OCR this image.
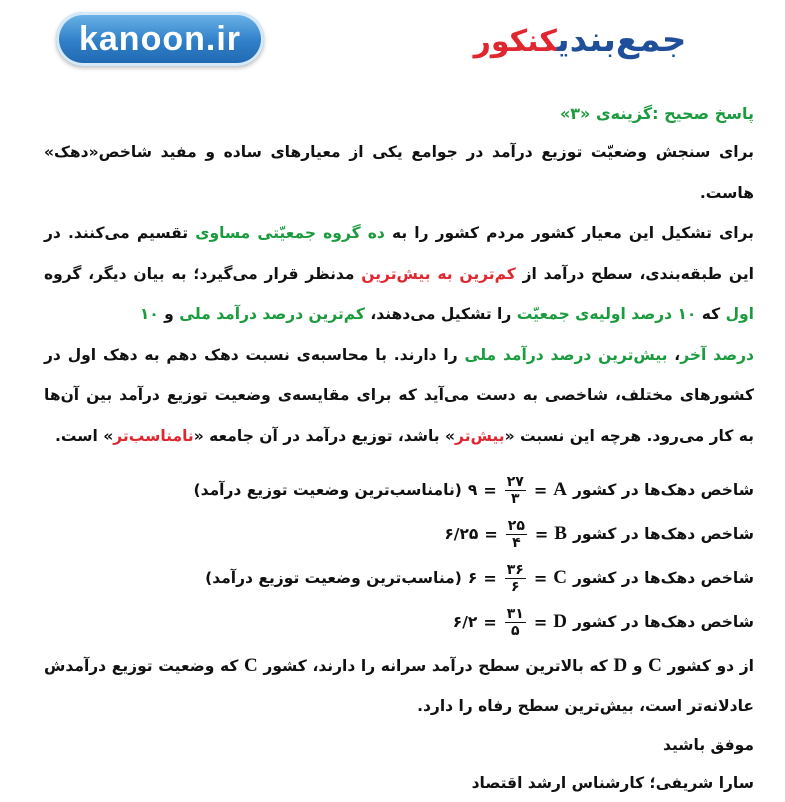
kanoon.ir	جمع‌بندیکنکور
پاسخ صحیح :گزینه‌ی «۳»

برای سنجش وضعیّت توزیع درآمد در جوامع یکی از معیارهای ساده و مفید شاخص«دهک» هاست.
برای تشکیل این معیار کشور مردم کشور را به ده گروه جمعیّتی مساوی تقسیم می‌کنند. در این طبقه‌بندی، سطح درآمد از کم‌ترین به بیش‌ترین مدنظر قرار می‌گیرد؛ به بیان دیگر، گروه اول که ۱۰ درصد اولیه‌ی جمعیّت را تشکیل می‌دهند، کم‌ترین درصد درآمد ملی و ۱۰
درصد آخر، بیش‌ترین درصد درآمد ملی را دارند. با محاسبه‌ی نسبت دهک دهم به دهک اول در کشورهای مختلف، شاخصی به دست می‌آید که برای مقایسه‌ی وضعیت توزیع درآمد بین آن‌ها به کار می‌رود. هرچه این نسبت «بیش‌تر» باشد، توزیع درآمد در آن جامعه «نامناسب‌تر» است.

شاخص دهک‌ها در کشور
A
=
$\frac{۲۷}{۳}$
=
۹
(نامناسب‌ترین وضعیت توزیع درآمد)
شاخص دهک‌ها در کشور
B
=
$\frac{۲۵}{۴}$
=
۶/۲۵
شاخص دهک‌ها در کشور
C
=
$\frac{۳۶}{۶}$
=
۶
(مناسب‌ترین وضعیت توزیع درآمد)
شاخص دهک‌ها در کشور
D
=
$\frac{۳۱}{۵}$
=
۶/۲

از دو کشور C و D که بالاترین سطح درآمد سرانه را دارند، کشور C که وضعیت توزیع درآمدش عادلانه‌تر است، بیش‌ترین سطح رفاه را دارد.

موفق باشید

سارا شریفی؛ کارشناس ارشد اقتصاد
